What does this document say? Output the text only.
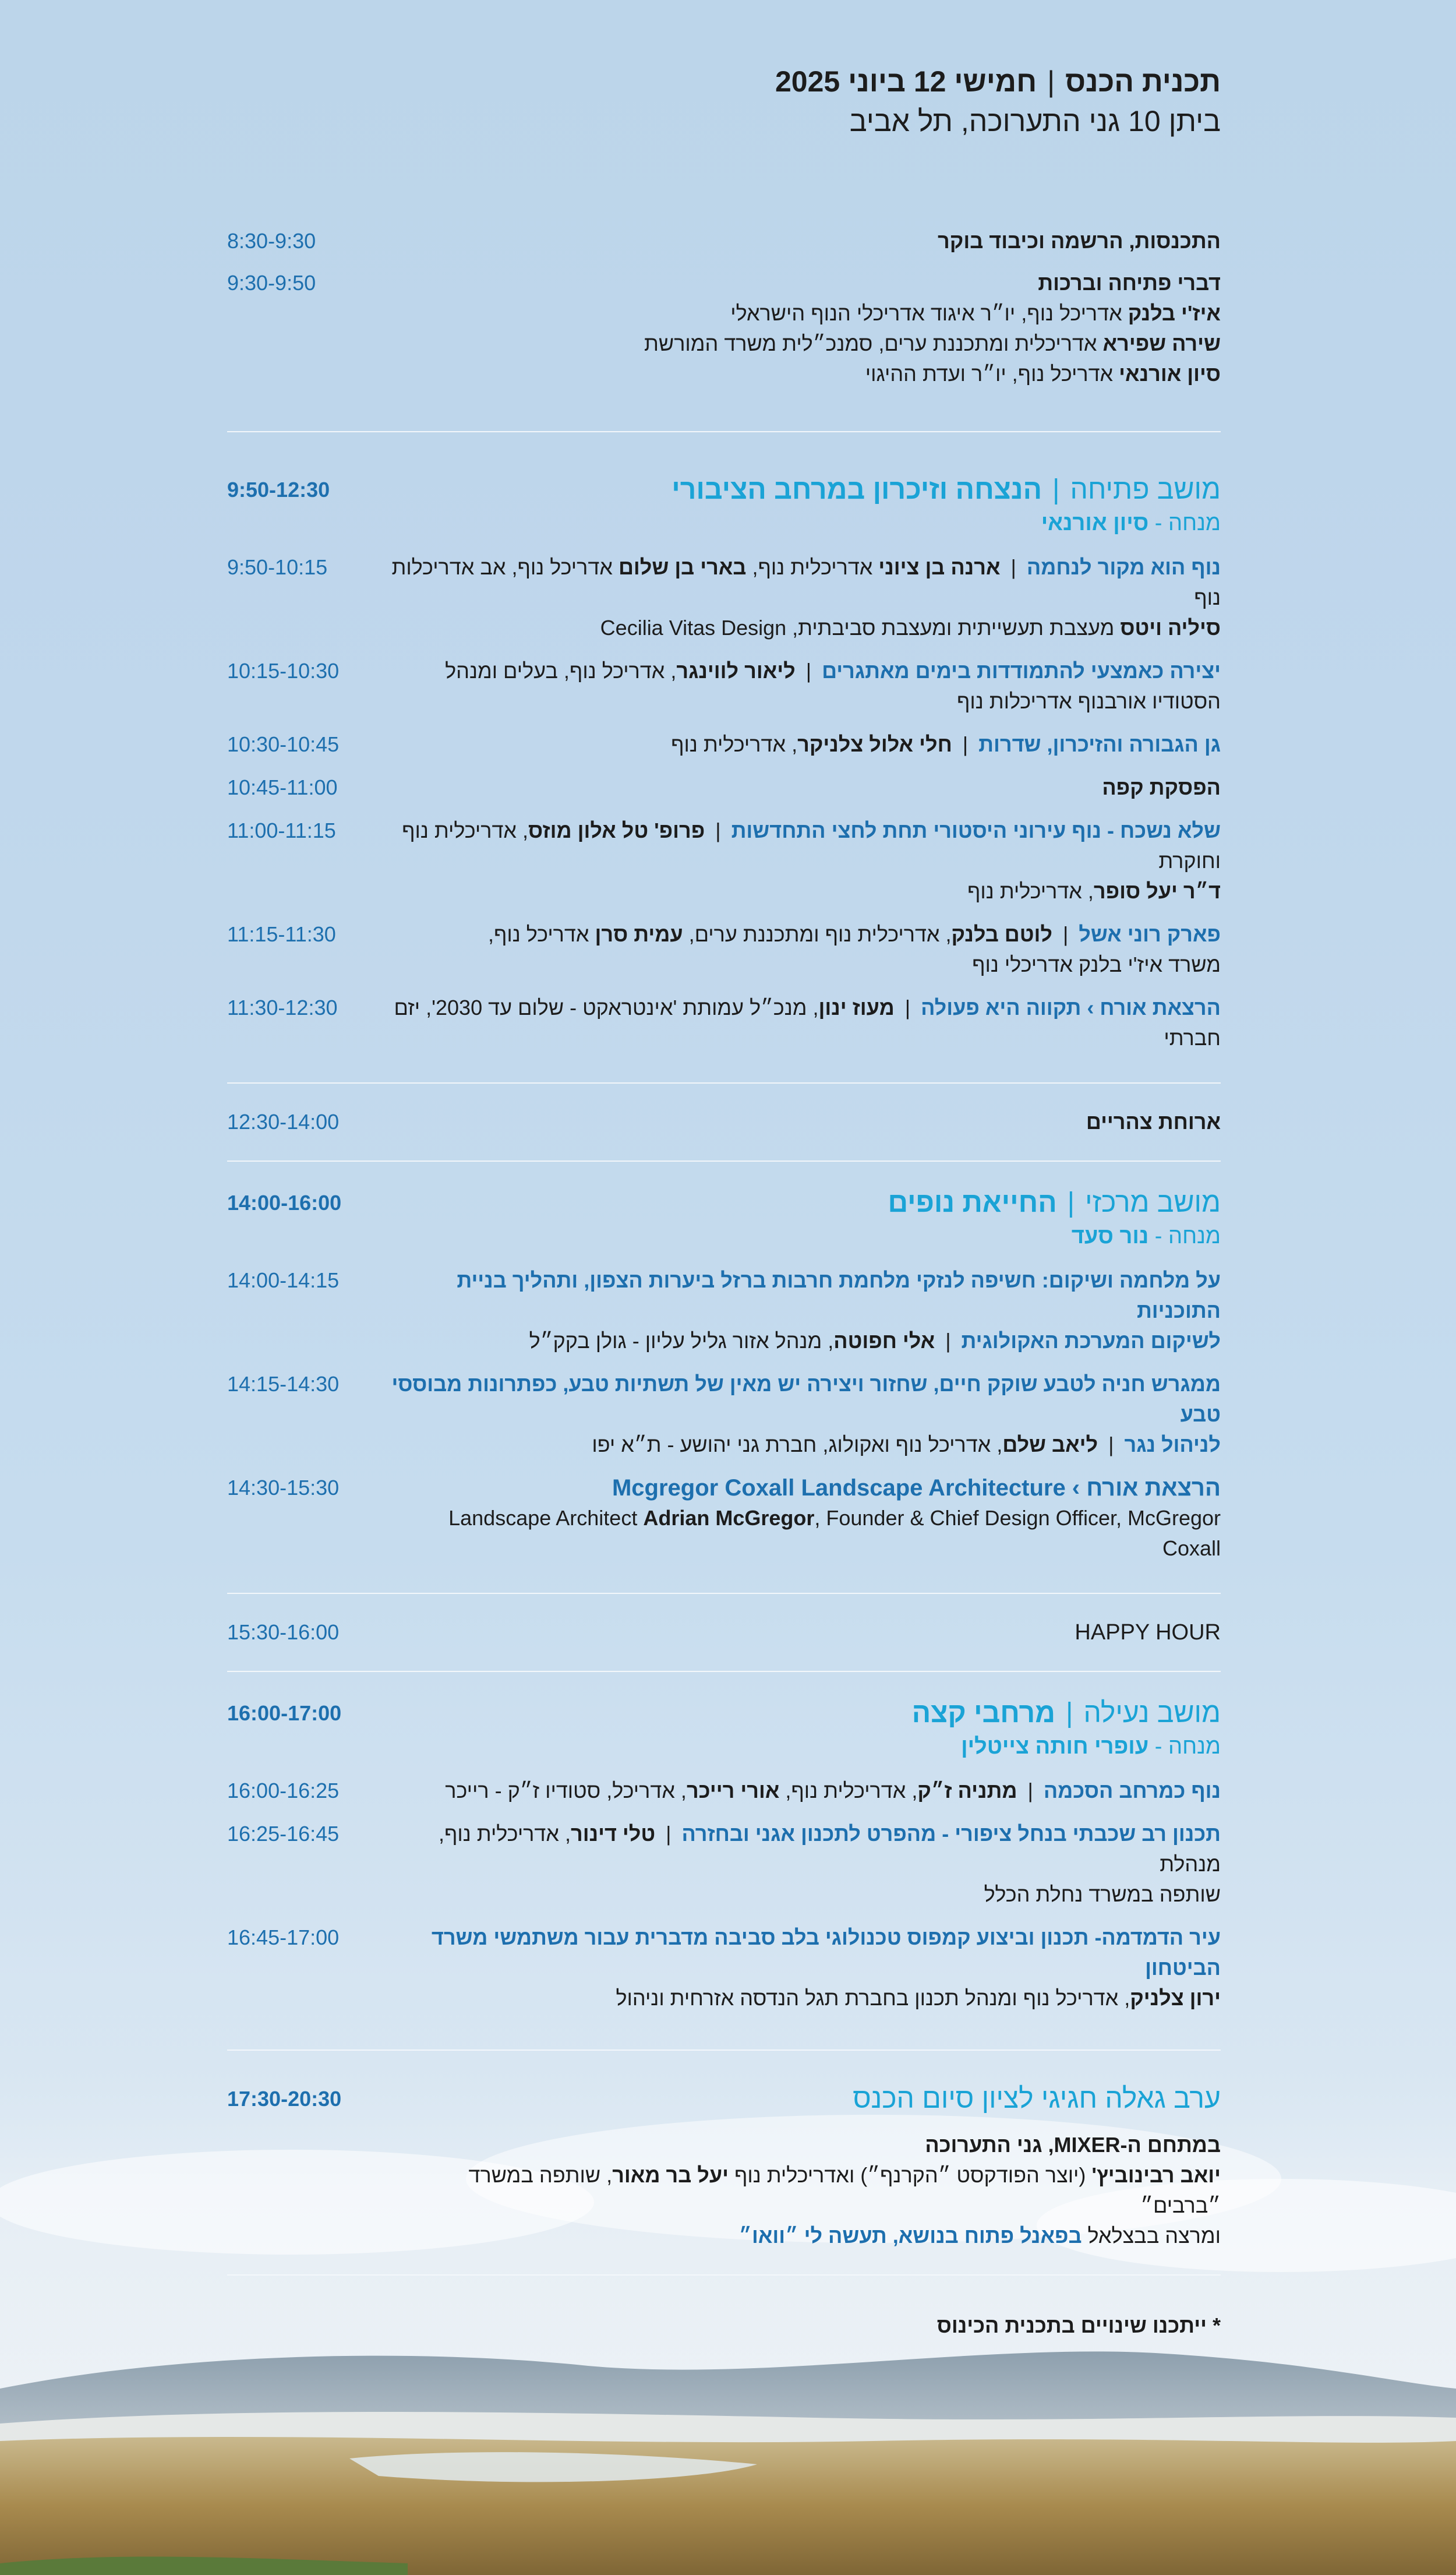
תכנית הכנס|חמישי 12 ביוני 2025

ביתן 10 גני התערוכה, תל אביב

התכנסות, הרשמה וכיבוד בוקר
8:30-9:30
דברי פתיחה וברכות
איז'י בלנק אדריכל נוף, יו״ר איגוד אדריכלי הנוף הישראלי
שירה שפירא אדריכלית ומתכננת ערים, סמנכ״לית משרד המורשת
סיון אורנאי אדריכל נוף, יו״ר ועדת ההיגוי
9:30-9:50
מושב פתיחה|הנצחה וזיכרון במרחב הציבורי
מנחה - סיון אורנאי
9:50-12:30
נוף הוא מקור לנחמה|ארנה בן ציוני אדריכלית נוף, בארי בן שלום אדריכל נוף, אב אדריכלות נוף
סיליה ויטס מעצבת תעשייתית ומעצבת סביבתית, Cecilia Vitas Design
9:50-10:15
יצירה כאמצעי להתמודדות בימים מאתגרים|ליאור לווינגר, אדריכל נוף, בעלים ומנהל
הסטודיו אורבנוף אדריכלות נוף
10:15-10:30
גן הגבורה והזיכרון, שדרות|חלי אלול צלניקר, אדריכלית נוף
10:30-10:45
הפסקת קפה
10:45-11:00
שלא נשכח - נוף עירוני היסטורי תחת לחצי התחדשות|פרופ' טל אלון מוזס, אדריכלית נוף וחוקרת
ד״ר יעל סופר, אדריכלית נוף
11:00-11:15
פארק רוני אשל|לוטם בלנק, אדריכלית נוף ומתכננת ערים, עמית סרן אדריכל נוף,
משרד איז'י בלנק אדריכלי נוף
11:15-11:30
הרצאת אורח › תקווה היא פעולה|מעוז ינון, מנכ״ל עמותת 'אינטראקט - שלום עד 2030', יזם חברתי
11:30-12:30
ארוחת צהריים
12:30-14:00
מושב מרכזי|החייאת נופים
מנחה - נור סעד
14:00-16:00
על מלחמה ושיקום: חשיפה לנזקי מלחמת חרבות ברזל ביערות הצפון, ותהליך בניית התוכניות
לשיקום המערכת האקולוגית|אלי חפוטה, מנהל אזור גליל עליון - גולן בקק״ל
14:00-14:15
ממגרש חניה לטבע שוקק חיים, שחזור ויצירה יש מאין של תשתיות טבע, כפתרונות מבוססי טבע
לניהול נגר|ליאב שלם, אדריכל נוף ואקולוג, חברת גני יהושע - ת״א יפו
14:15-14:30
הרצאת אורח › Mcgregor Coxall Landscape Architecture
Landscape Architect Adrian McGregor, Founder & Chief Design Officer, McGregor Coxall
14:30-15:30
HAPPY HOUR
15:30-16:00
מושב נעילה|מרחבי קצה
מנחה - עופרי חותה צייטלין
16:00-17:00
נוף כמרחב הסכמה|מתניה ז״ק, אדריכלית נוף, אורי רייכר, אדריכל, סטודיו ז״ק - רייכר
16:00-16:25
תכנון רב שכבתי בנחל ציפורי - מהפרט לתכנון אגני ובחזרה|טלי דינור, אדריכלית נוף, מנהלת
שותפה במשרד נחלת הכלל
16:25-16:45
עיר הדמדמה- תכנון וביצוע קמפוס טכנולוגי בלב סביבה מדברית עבור משתמשי משרד הביטחון
ירון צלניק, אדריכל נוף ומנהל תכנון בחברת תגל הנדסה אזרחית וניהול
16:45-17:00
ערב גאלה חגיגי לציון סיום הכנס
17:30-20:30
במתחם ה-MIXER, גני התערוכה
יואב רבינוביץ' (יוצר הפודקסט ״הקרנף״) ואדריכלית נוף יעל בר מאור, שותפה במשרד ״ברבים״
ומרצה בבצלאל בפאנל פתוח בנושא, תעשה לי ״וואו״
* ייתכנו שינויים בתכנית הכינוס
